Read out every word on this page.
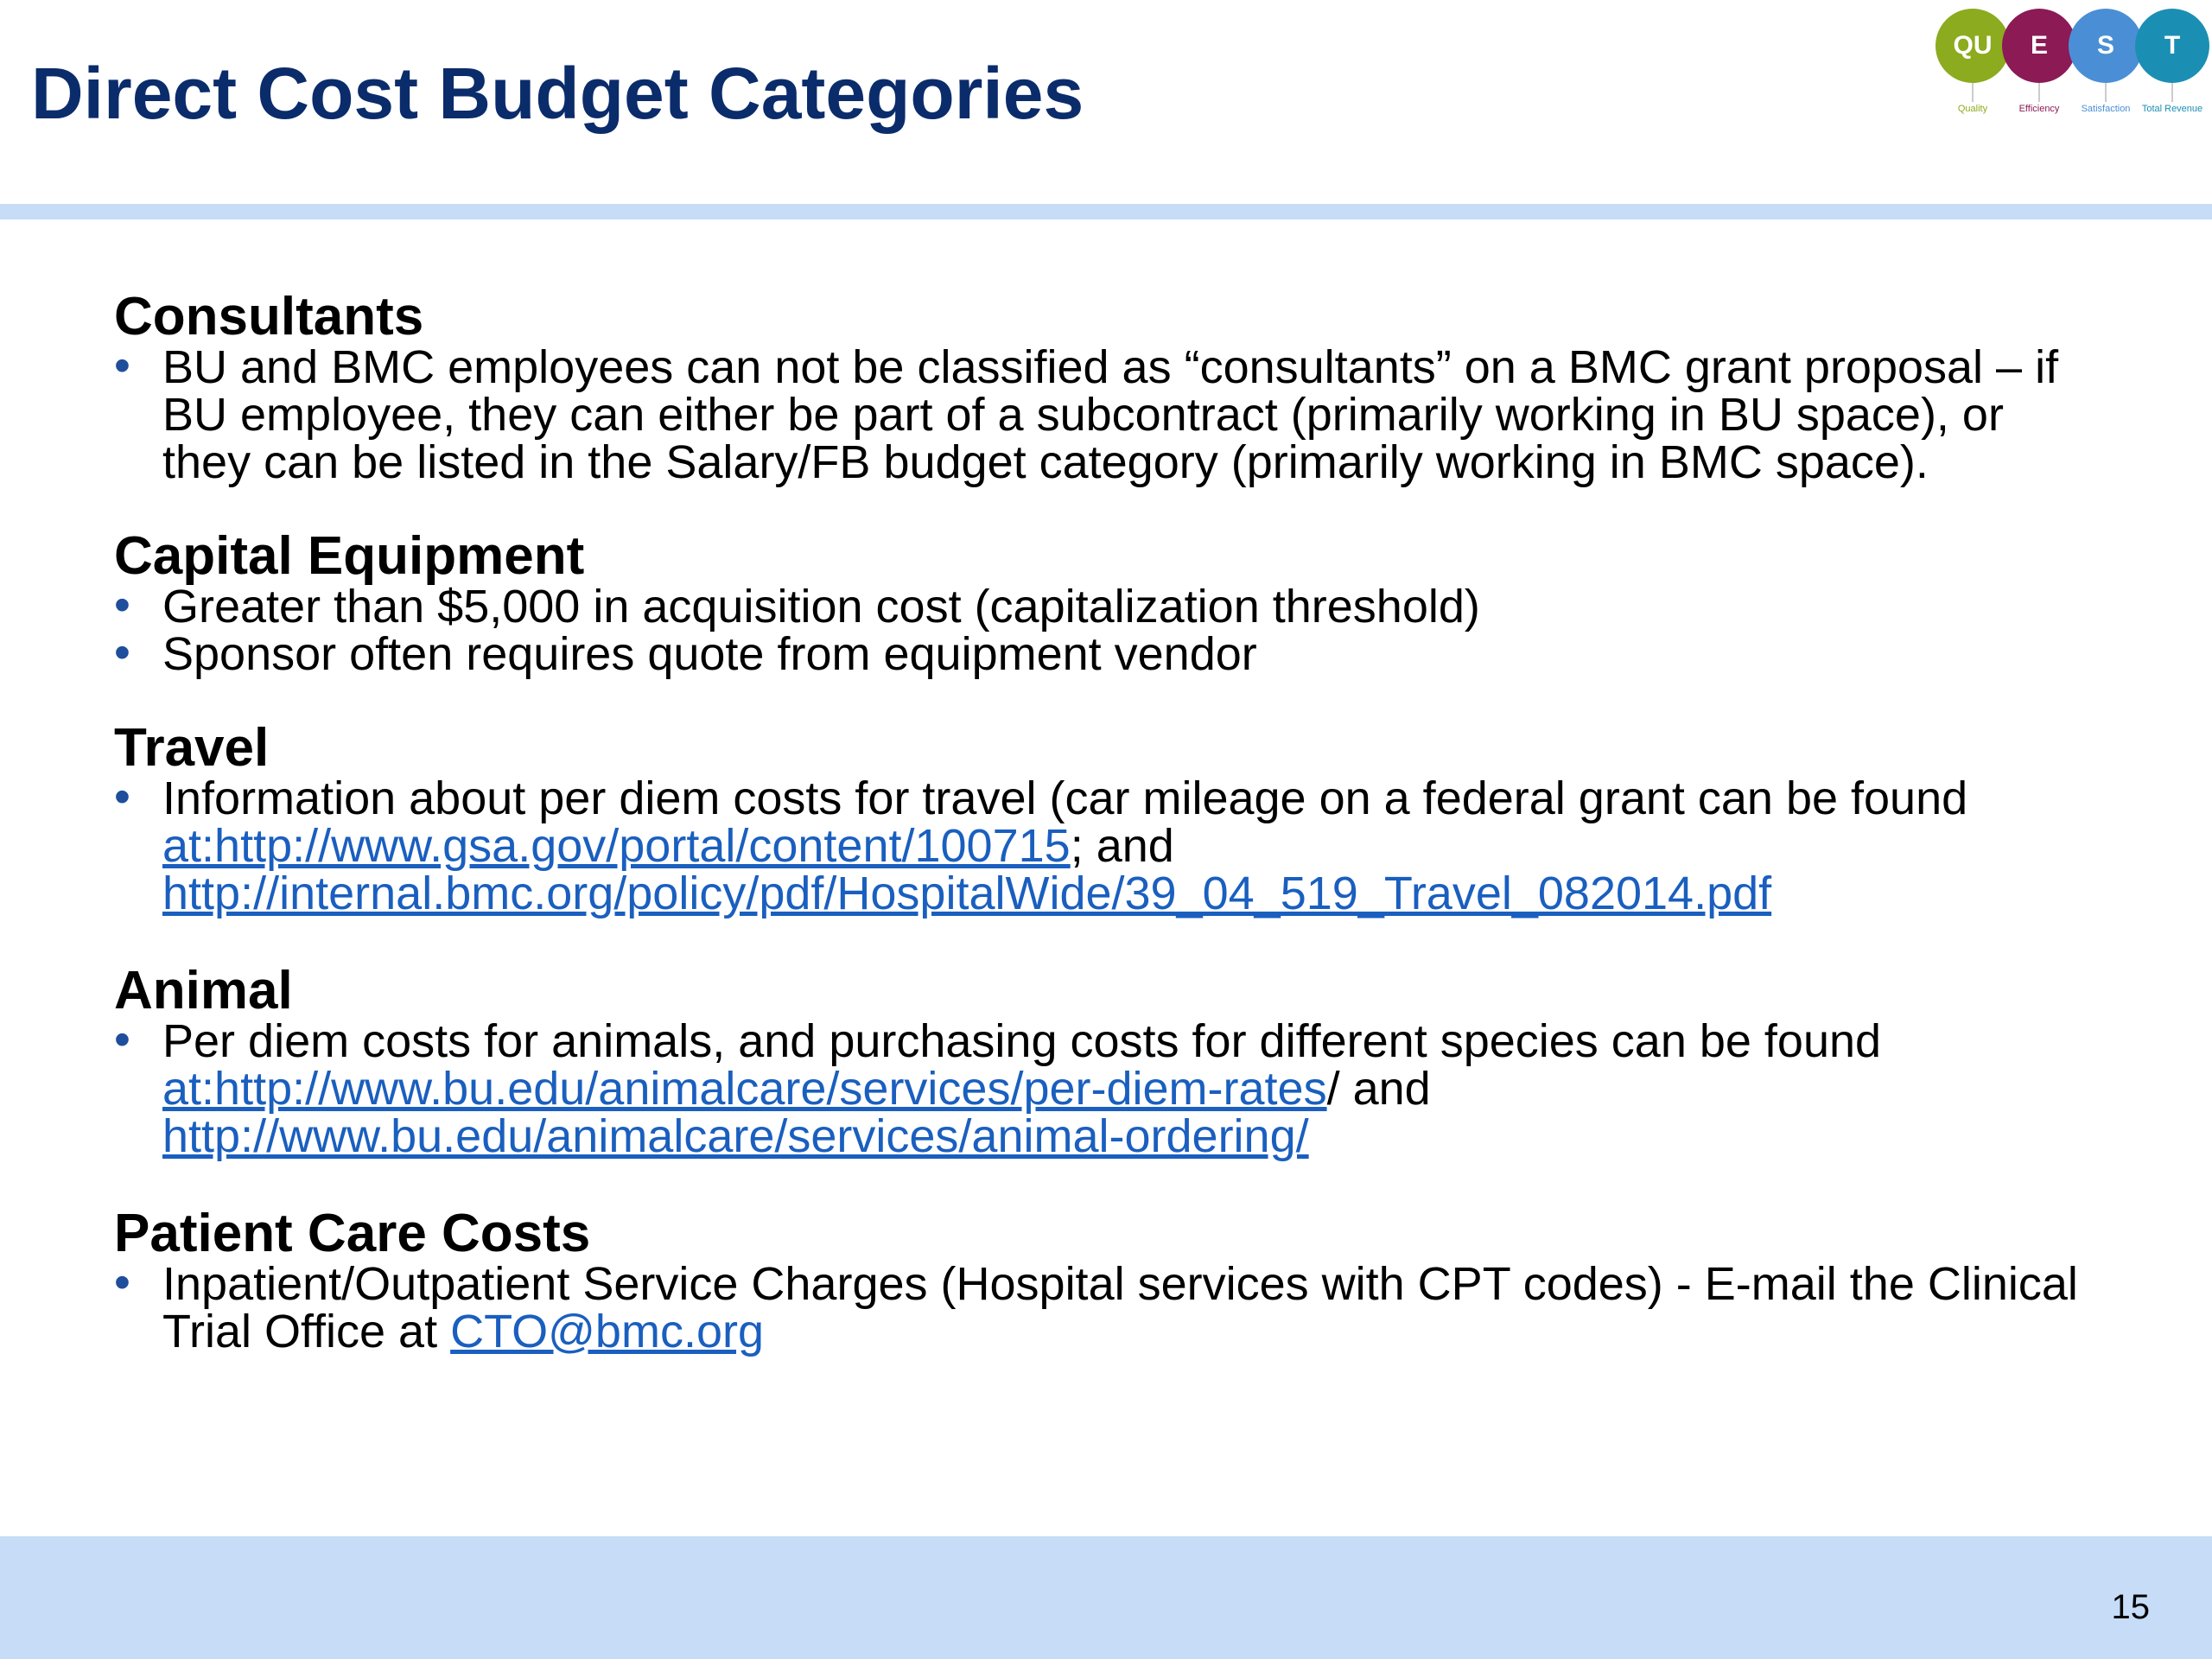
Direct Cost Budget Categories
QU	E	S	T
Quality	Efficiency	Satisfaction	Total Revenue
Consultants
• BU and BMC employees can not be classified as “consultants” on a BMC grant proposal – if BU employee, they can either be part of a subcontract (primarily working in BU space), or they can be listed in the Salary/FB budget category (primarily working in BMC space).
Capital Equipment
• Greater than $5,000 in acquisition cost (capitalization threshold)
• Sponsor often requires quote from equipment vendor
Travel
• Information about per diem costs for travel (car mileage on a federal grant can be found at:http://www.gsa.gov/portal/content/100715; and
http://internal.bmc.org/policy/pdf/HospitalWide/39_04_519_Travel_082014.pdf
Animal
• Per diem costs for animals, and purchasing costs for different species can be found at:http://www.bu.edu/animalcare/services/per-diem-rates/ and
http://www.bu.edu/animalcare/services/animal-ordering/
Patient Care Costs
• Inpatient/Outpatient Service Charges (Hospital services with CPT codes) - E-mail the Clinical Trial Office at CTO@bmc.org
15
